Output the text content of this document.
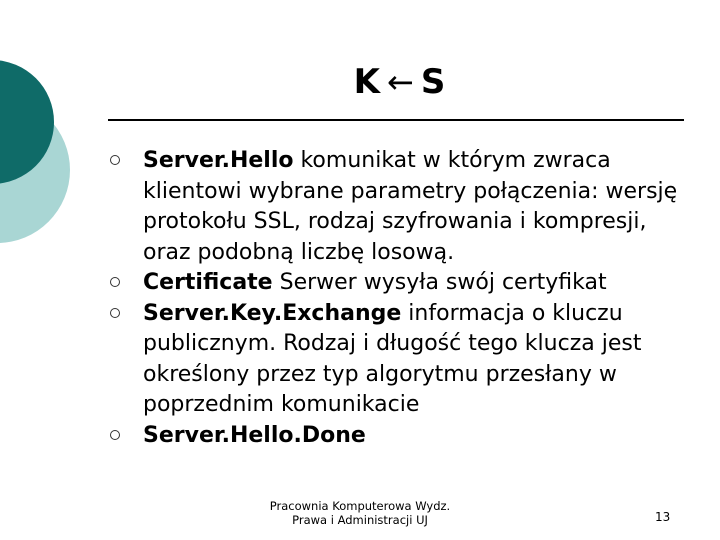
K ← S
Server.Hello komunikat w którym zwraca klientowi wybrane parametry połączenia: wersję protokołu SSL, rodzaj szyfrowania i kompresji, oraz podobną liczbę losową.
Certificate Serwer wysyła swój certyfikat
Server.Key.Exchange informacja o kluczu publicznym. Rodzaj i długość tego klucza jest określony przez typ algorytmu przesłany w poprzednim komunikacie
Server.Hello.Done
Pracownia Komputerowa Wydz.
Prawa i Administracji UJ	13
